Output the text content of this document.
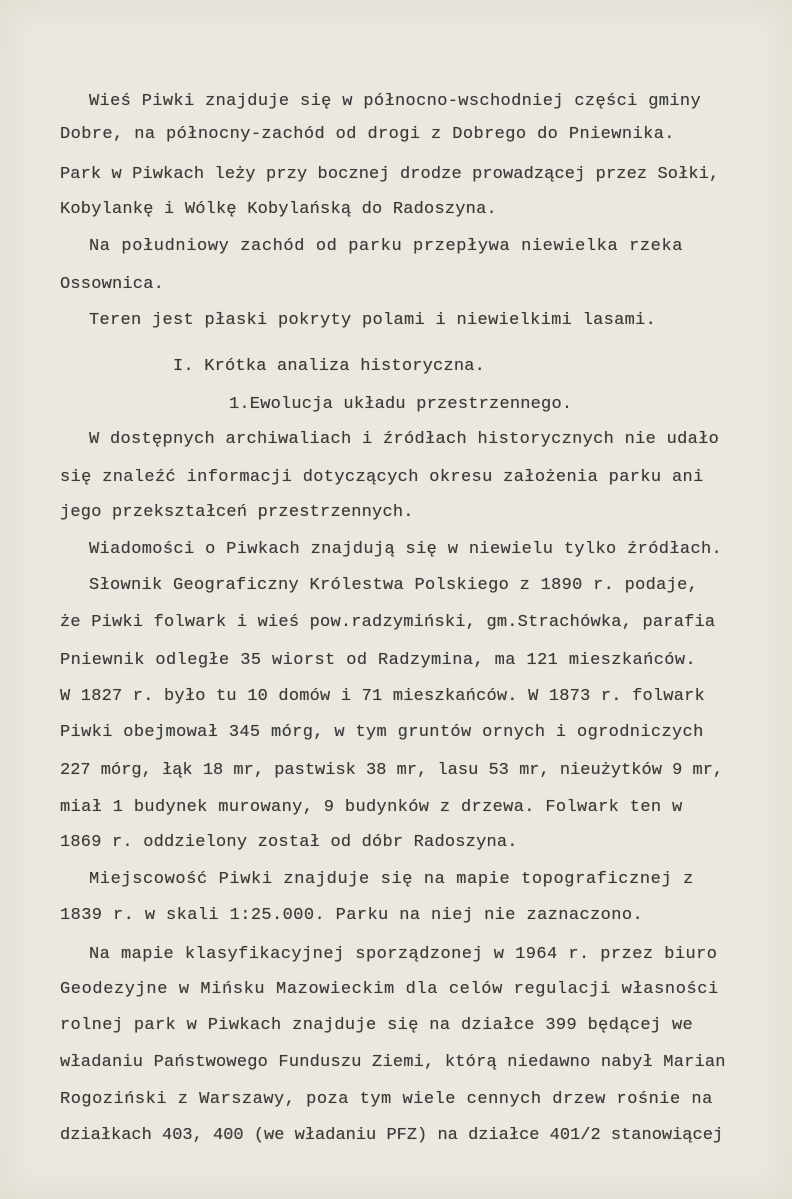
Wieś Piwki znajduje się w północno-wschodniej części gminy
Dobre, na północny-zachód od drogi z Dobrego do Pniewnika.
Park w Piwkach leży przy bocznej drodze prowadzącej przez Sołki,
Kobylankę i Wólkę Kobylańską do Radoszyna.
Na południowy zachód od parku przepływa niewielka rzeka
Ossownica.
Teren jest płaski pokryty polami i niewielkimi lasami.
I. Krótka analiza historyczna.
1.Ewolucja układu przestrzennego.
W dostępnych archiwaliach i źródłach historycznych nie udało
się znaleźć informacji dotyczących okresu założenia parku ani
jego przekształceń przestrzennych.
Wiadomości o Piwkach znajdują się w niewielu tylko źródłach.
Słownik Geograficzny Królestwa Polskiego z 1890 r. podaje,
że Piwki folwark i wieś pow.radzymiński, gm.Strachówka, parafia
Pniewnik odległe 35 wiorst od Radzymina, ma 121 mieszkańców.
W 1827 r. było tu 10 domów i 71 mieszkańców. W 1873 r. folwark
Piwki obejmował 345 mórg, w tym gruntów ornych i ogrodniczych
227 mórg, łąk 18 mr, pastwisk 38 mr, lasu 53 mr, nieużytków 9 mr,
miał 1 budynek murowany, 9 budynków z drzewa. Folwark ten w
1869 r. oddzielony został od dóbr Radoszyna.
Miejscowość Piwki znajduje się na mapie topograficznej z
1839 r. w skali 1:25.000. Parku na niej nie zaznaczono.
Na mapie klasyfikacyjnej sporządzonej w 1964 r. przez biuro
Geodezyjne w Mińsku Mazowieckim dla celów regulacji własności
rolnej park w Piwkach znajduje się na działce 399 będącej we
władaniu Państwowego Funduszu Ziemi, którą niedawno nabył Marian
Rogoziński z Warszawy, poza tym wiele cennych drzew rośnie na
działkach 403, 400 (we władaniu PFZ) na działce 401/2 stanowiącej
